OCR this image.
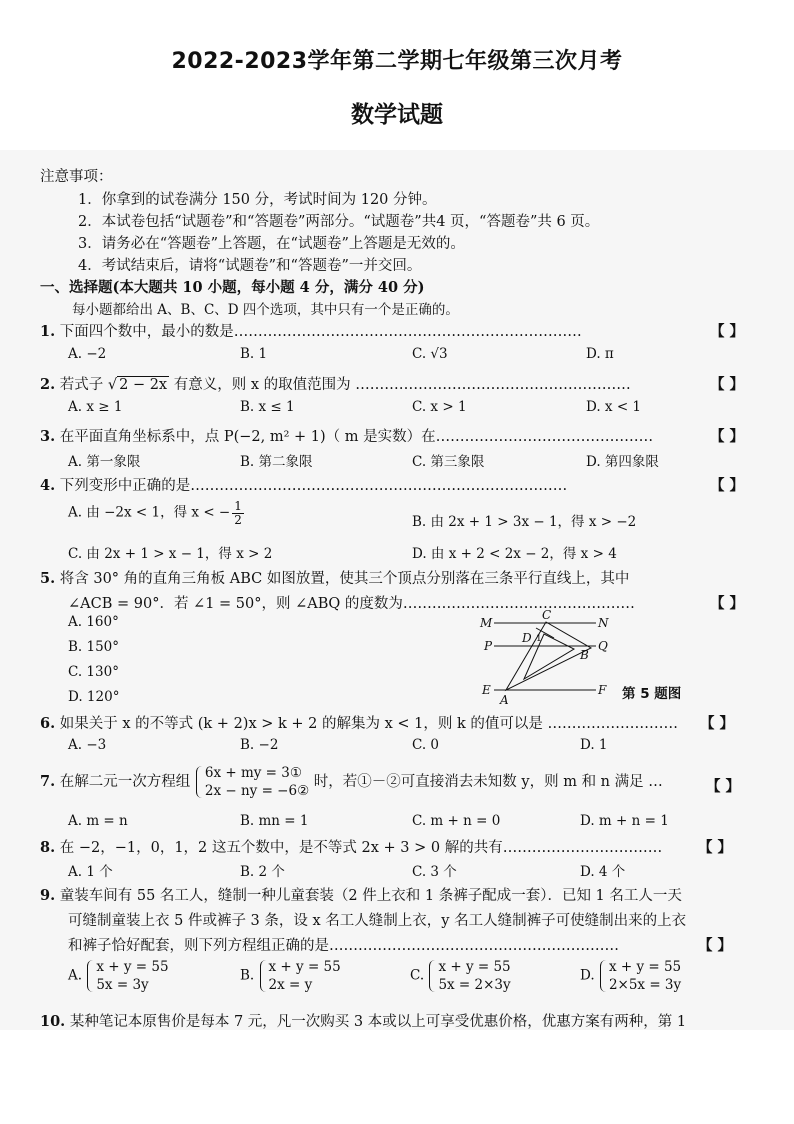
2022-2023学年第二学期七年级第三次月考
数学试题
注意事项：
1．你拿到的试卷满分 150 分，考试时间为 120 分钟。
2．本试卷包括“试题卷”和“答题卷”两部分。“试题卷”共4 页，“答题卷”共 6 页。
3．请务必在“答题卷”上答题，在“试题卷”上答题是无效的。
4．考试结束后，请将“试题卷”和“答题卷”一并交回。
一、选择题(本大题共 10 小题，每小题 4 分，满分 40 分)
每小题都给出 A、B、C、D 四个选项，其中只有一个是正确的。
1. 下面四个数中，最小的数是………………………………………………………………	【 】
A. −2	B. 1	C. √3	D. π
2. 若式子 √ 2 − 2x 有意义，则 x 的取值范围为 …………………………………………………	【 】
A. x ≥ 1	B. x ≤ 1	C. x > 1	D. x < 1
3. 在平面直角坐标系中，点 P(−2, m² + 1)（ m 是实数）在………………………………………	【 】
A. 第一象限	B. 第二象限	C. 第三象限	D. 第四象限
4. 下列变形中正确的是……………………………………………………………………	【 】
A. 由 −2x < 1，得 x < − $\frac{1}{2}$	B. 由 2x + 1 > 3x − 1，得 x > −2
C. 由 2x + 1 > x − 1，得 x > 2	D. 由 x + 2 < 2x − 2，得 x > 4
5. 将含 30° 角的直角三角板 ABC 如图放置，使其三个顶点分别落在三条平行直线上，其中
∠ACB = 90°．若 ∠1 = 50°，则 ∠ABQ 的度数为…………………………………………	【 】
A. 160°
B. 150°
C. 130°
D. 120°
M	N
C
D
P	Q
B
E	F
A
1
第 5 题图
6. 如果关于 x 的不等式 (k + 2)x > k + 2 的解集为 x < 1，则 k 的值可以是 ……………………… 【 】
A. −3	B. −2	C. 0	D. 1
7. 在解二元一次方程组
6x + my = 3①
2x − ny = −6②
时，若①－②可直接消去未知数 y，则 m 和 n 满足 …	【 】
A. m = n	B. mn = 1	C. m + n = 0	D. m + n = 1
8. 在 −2，−1，0，1，2 这五个数中，是不等式 2x + 3 > 0 解的共有…………………………… 【 】
A. 1 个	B. 2 个	C. 3 个	D. 4 个
9. 童装车间有 55 名工人，缝制一种儿童套装（2 件上衣和 1 条裤子配成一套）．已知 1 名工人一天
可缝制童装上衣 5 件或裤子 3 条，设 x 名工人缝制上衣，y 名工人缝制裤子可使缝制出来的上衣
和裤子恰好配套，则下列方程组正确的是……………………………………………………	【 】
A.
x + y = 55
5x = 3y
B.
x + y = 55
2x = y
C.
x + y = 55
5x = 2×3y
D.
x + y = 55
2×5x = 3y
10. 某种笔记本原售价是每本 7 元，凡一次购买 3 本或以上可享受优惠价格，优惠方案有两种，第 1
